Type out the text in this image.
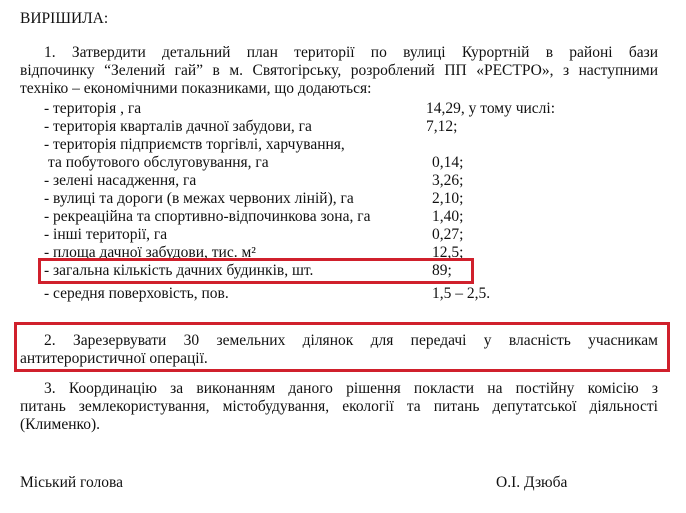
ВИРІШИЛА:
1. Затвердити детальний план території по вулиці Курортній в районі бази
відпочинку “Зелений гай” в м. Святогірську, розроблений ПП «РЕСТРО», з наступними
техніко – економічними показниками, що додаються:
- територія , га	14,29, у тому числі:
- територія кварталів дачної забудови, га	7,12;
- територія підприємств торгівлі, харчування,
та побутового обслуговування, га	0,14;
- зелені насадження, га	3,26;
- вулиці та дороги (в межах червоних ліній), га	2,10;
- рекреаційна та спортивно-відпочинкова зона, га	1,40;
- інші території, га	0,27;
- площа дачної забудови, тис. м²	12,5;
- загальна кількість дачних будинків, шт.	89;
- середня поверховість, пов.	1,5 – 2,5.
2. Зарезервувати 30 земельних ділянок для передачі у власність учасникам
антитерористичної операції.
3. Координацію за виконанням даного рішення покласти на постійну комісію з
питань землекористування, містобудування, екології та питань депутатської діяльності
(Клименко).
Міський голова	О.І. Дзюба
